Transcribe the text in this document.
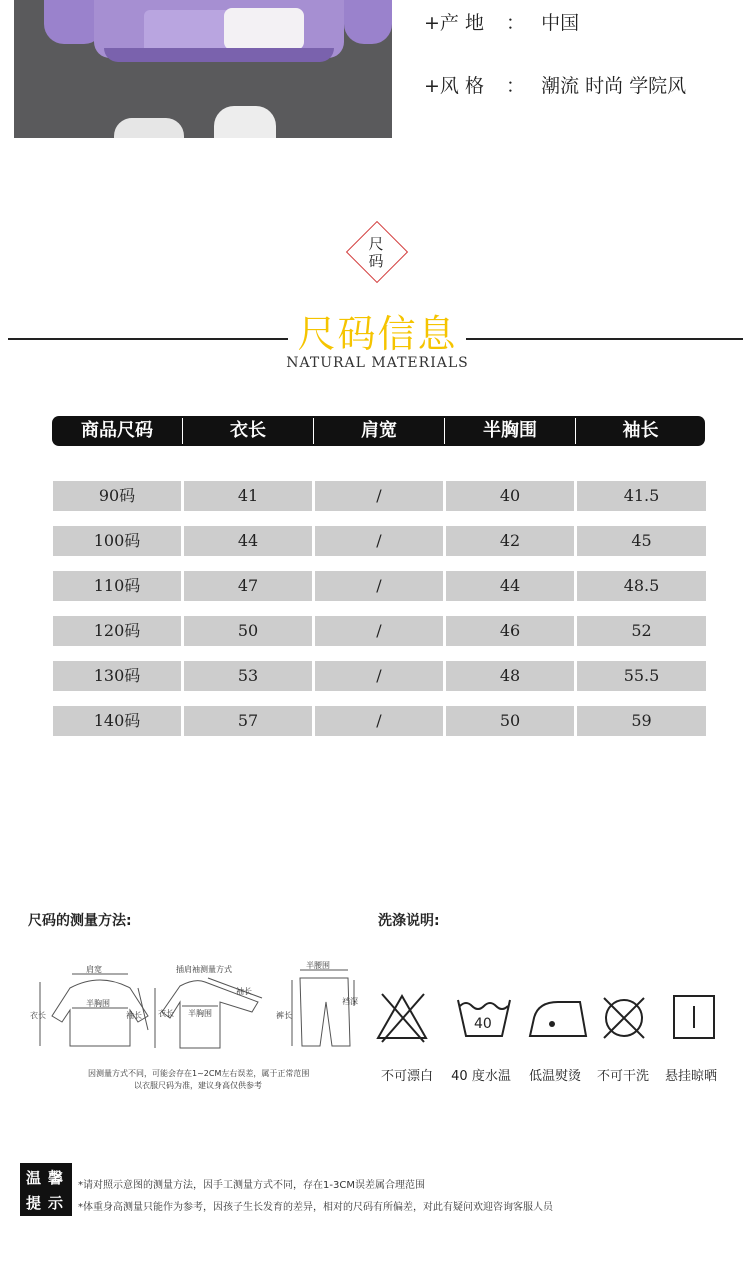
+产 地 ： 中国
+风 格 ： 潮流 时尚 学院风
尺
码
尺码信息
NATURAL MATERIALS
商品尺码	衣长	肩宽	半胸围	袖长
90码	41	/	40	41.5
100码	44	/	42	45
110码	47	/	44	48.5
120码	50	/	46	52
130码	53	/	48	55.5
140码	57	/	50	59
尺码的测量方法:
肩宽
半胸围
衣长	袖长
插肩袖测量方式
袖长
半胸围
衣长
半腰围
裤长
裆深
因测量方式不同，可能会存在1~2CM左右误差，属于正常范围
以衣服尺码为准，建议身高仅供参考
洗涤说明:
40
不可漂白	40 度水温	低温熨烫	不可干洗	悬挂晾晒
温 馨
提 示
*请对照示意图的测量方法，因手工测量方式不同，存在1-3CM误差属合理范围
*体重身高测量只能作为参考，因孩子生长发育的差异，相对的尺码有所偏差，对此有疑问欢迎咨询客服人员
